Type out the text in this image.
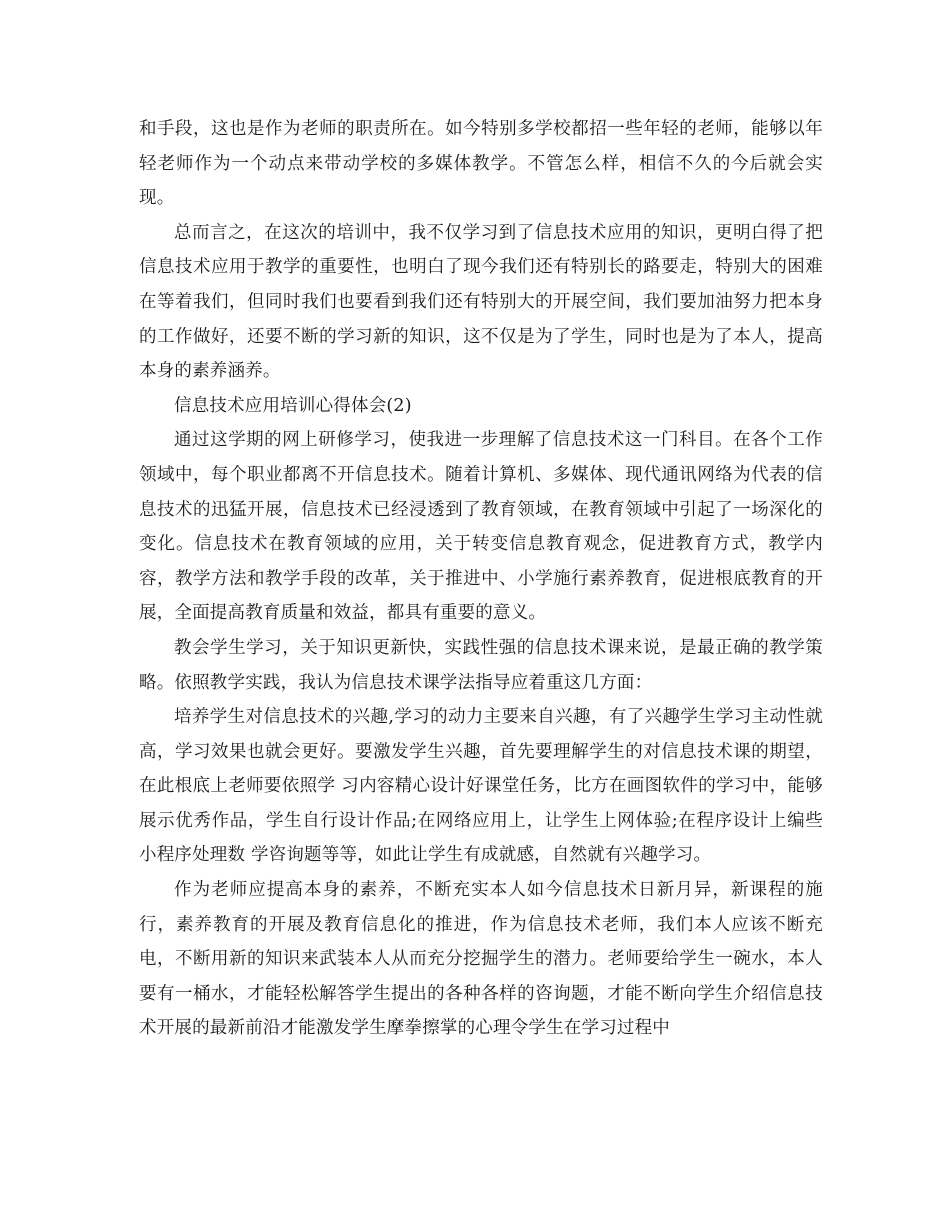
和手段，这也是作为老师的职责所在。如今特别多学校都招一些年轻的老师，能够以年轻老师作为一个动点来带动学校的多媒体教学。不管怎么样，相信不久的今后就会实现。

总而言之，在这次的培训中，我不仅学习到了信息技术应用的知识，更明白得了把信息技术应用于教学的重要性，也明白了现今我们还有特别长的路要走，特别大的困难在等着我们，但同时我们也要看到我们还有特别大的开展空间，我们要加油努力把本身的工作做好，还要不断的学习新的知识，这不仅是为了学生，同时也是为了本人，提高本身的素养涵养。

信息技术应用培训心得体会(2)

通过这学期的网上研修学习，使我进一步理解了信息技术这一门科目。在各个工作领域中，每个职业都离不开信息技术。随着计算机、多媒体、现代通讯网络为代表的信息技术的迅猛开展，信息技术已经浸透到了教育领域，在教育领域中引起了一场深化的变化。信息技术在教育领域的应用，关于转变信息教育观念，促进教育方式，教学内容，教学方法和教学手段的改革，关于推进中、小学施行素养教育，促进根底教育的开展，全面提高教育质量和效益，都具有重要的意义。

教会学生学习，关于知识更新快，实践性强的信息技术课来说，是最正确的教学策略。依照教学实践，我认为信息技术课学法指导应着重这几方面：

培养学生对信息技术的兴趣,学习的动力主要来自兴趣，有了兴趣学生学习主动性就高，学习效果也就会更好。要激发学生兴趣，首先要理解学生的对信息技术课的期望，在此根底上老师要依照学 习内容精心设计好课堂任务，比方在画图软件的学习中，能够展示优秀作品，学生自行设计作品;在网络应用上，让学生上网体验;在程序设计上编些小程序处理数 学咨询题等等，如此让学生有成就感，自然就有兴趣学习。

作为老师应提高本身的素养，不断充实本人如今信息技术日新月异，新课程的施行，素养教育的开展及教育信息化的推进，作为信息技术老师，我们本人应该不断充电，不断用新的知识来武装本人从而充分挖掘学生的潜力。老师要给学生一碗水，本人要有一桶水，才能轻松解答学生提出的各种各样的咨询题，才能不断向学生介绍信息技术开展的最新前沿才能激发学生摩拳擦掌的心理令学生在学习过程中
